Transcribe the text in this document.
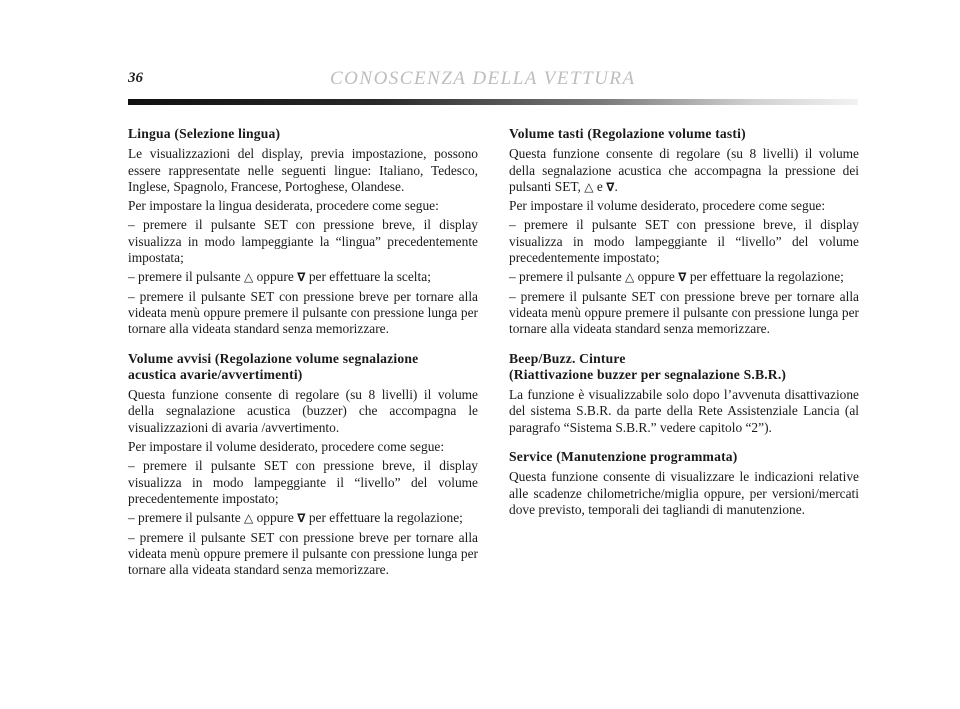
36	CONOSCENZA DELLA VETTURA
Lingua (Selezione lingua)

Le visualizzazioni del display, previa impostazione, possono essere rappresentate nelle seguenti lingue: Italiano, Tedesco, Inglese, Spagnolo, Francese, Portoghese, Olandese.

Per impostare la lingua desiderata, procedere come segue:

– premere il pulsante SET con pressione breve, il display visualizza in modo lampeggiante la “lingua” precedentemente impostata;

– premere il pulsante △ oppure ∇ per effettuare la scelta;

– premere il pulsante SET con pressione breve per tornare alla videata menù oppure premere il pulsante con pressione lunga per tornare alla videata standard senza memorizzare.

Volume avvisi (Regolazione volume segnalazione
acustica avarie/avvertimenti)

Questa funzione consente di regolare (su 8 livelli) il volume della segnalazione acustica (buzzer) che accompagna le visualizzazioni di avaria /avvertimento.

Per impostare il volume desiderato, procedere come segue:

– premere il pulsante SET con pressione breve, il display visualizza in modo lampeggiante il “livello” del volume precedentemente impostato;

– premere il pulsante △ oppure ∇ per effettuare la regolazione;

– premere il pulsante SET con pressione breve per tornare alla videata menù oppure premere il pulsante con pressione lunga per tornare alla videata standard senza memorizzare.

Volume tasti (Regolazione volume tasti)

Questa funzione consente di regolare (su 8 livelli) il volume della segnalazione acustica che accompagna la pressione dei pulsanti SET, △ e ∇.

Per impostare il volume desiderato, procedere come segue:

– premere il pulsante SET con pressione breve, il display visualizza in modo lampeggiante il “livello” del volume precedentemente impostato;

– premere il pulsante △ oppure ∇ per effettuare la regolazione;

– premere il pulsante SET con pressione breve per tornare alla videata menù oppure premere il pulsante con pressione lunga per tornare alla videata standard senza memorizzare.

Beep/Buzz. Cinture
(Riattivazione buzzer per segnalazione S.B.R.)

La funzione è visualizzabile solo dopo l’avvenuta disattivazione del sistema S.B.R. da parte della Rete Assistenziale Lancia (al paragrafo “Sistema S.B.R.” vedere capitolo “2”).

Service (Manutenzione programmata)

Questa funzione consente di visualizzare le indicazioni relative alle scadenze chilometriche/miglia oppure, per versioni/mercati dove previsto, temporali dei tagliandi di manutenzione.
